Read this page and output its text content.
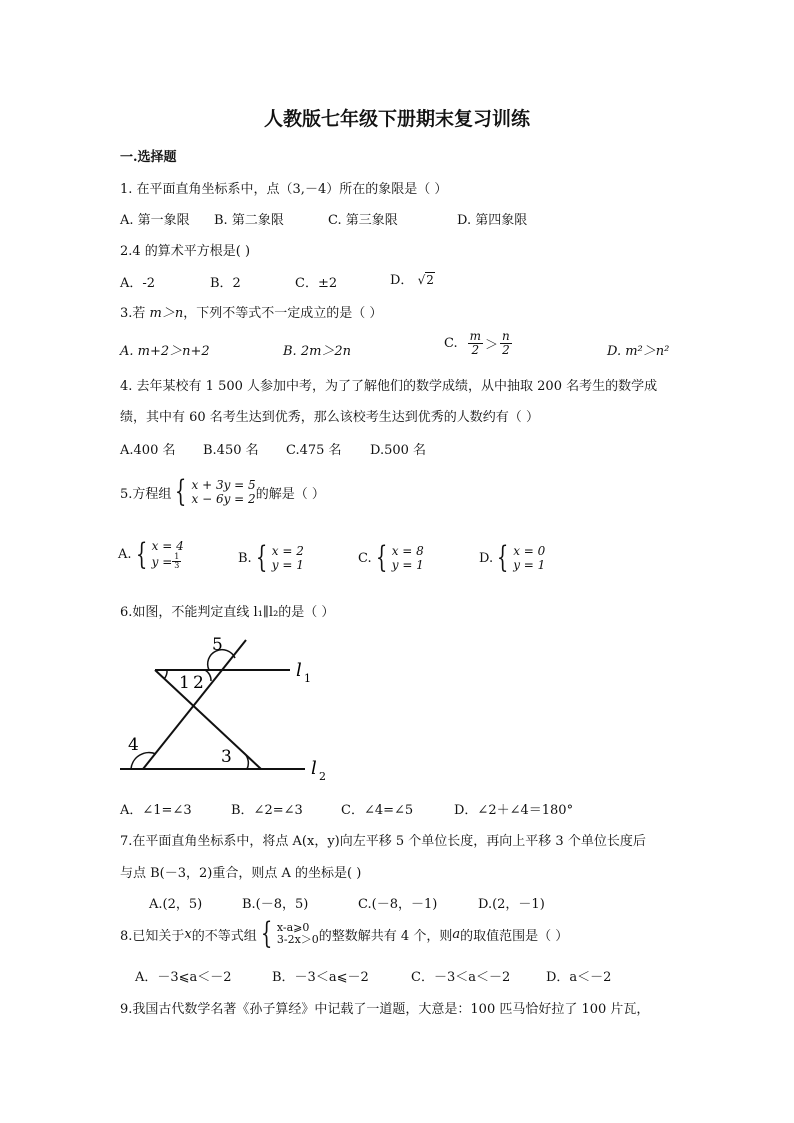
人教版七年级下册期末复习训练
一.选择题
1. 在平面直角坐标系中，点（3,－4）所在的象限是（ ）
A. 第一象限 B. 第二象限	C. 第三象限	D. 第四象限
2.4 的算术平方根是( )
A．-2	B．2	C．±2	D． √2
3.若 m＞n，下列不等式不一定成立的是（ ）
A. m+2＞n+2	B. 2m＞2n
C. $\frac{m}{2} > \frac{n}{2}$	D. m²＞n²
4. 去年某校有 1 500 人参加中考，为了了解他们的数学成绩，从中抽取 200 名考生的数学成
绩，其中有 60 名考生达到优秀，那么该校考生达到优秀的人数约有（ ）
A.400 名 B.450 名 C.475 名 D.500 名
5.方程组 { x + 3y = 5
x − 6y = 2 的解是（ ）
A. { x = 4
$y = \frac{1}{3}$	B. { x = 2
y = 1	C. { x = 8
y = 1	D. { x = 0
y = 1
6.如图，不能判定直线 l₁∥l₂的是（ ）
5
1 2
4
3
l 1
l 2
A．∠1=∠3	B．∠2=∠3	C．∠4=∠5	D．∠2＋∠4＝180°
7.在平面直角坐标系中，将点 A(x，y)向左平移 5 个单位长度，再向上平移 3 个单位长度后
与点 B(－3，2)重合，则点 A 的坐标是( )
A.(2，5)	B.(－8，5)	C.(－8，－1)	D.(2，－1)
8.已知关于 x 的不等式组 { x-a⩾0
3-2x＞0 的整数解共有 4 个，则 a 的取值范围是（ ）
A．－3⩽a＜－2	B．－3＜a⩽－2	C．－3＜a＜－2	D．a＜－2
9.我国古代数学名著《孙子算经》中记载了一道题，大意是：100 匹马恰好拉了 100 片瓦，
